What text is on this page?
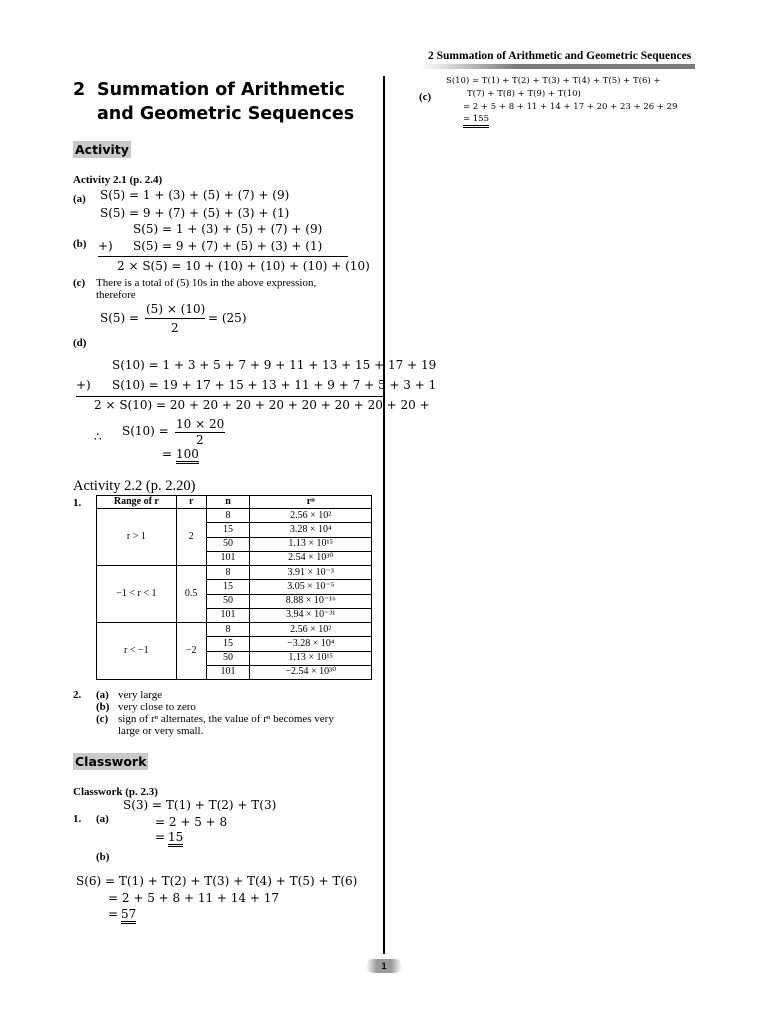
2 Summation of Arithmetic and Geometric Sequences
2 Summation of Arithmetic
and Geometric Sequences
Activity
Activity 2.1 (p. 2.4)
(a) S(5) = 1 + (3) + (5) + (7) + (9)
S(5) = 9 + (7) + (5) + (3) + (1)
(b)
S(5) = 1 + (3) + (5) + (7) + (9)
+) S(5) = 9 + (7) + (5) + (3) + (1)
2 × S(5) = 10 + (10) + (10) + (10) + (10)
(c) There is a total of (5) 10s in the above expression,
therefore
S(5) =
(5) × (10)
2
= (25)
(d)
S(10) = 1 + 3 + 5 + 7 + 9 + 11 + 13 + 15 + 17 + 19
+) S(10) = 19 + 17 + 15 + 13 + 11 + 9 + 7 + 5 + 3 + 1
2 × S(10) = 20 + 20 + 20 + 20 + 20 + 20 + 20 + 20 +
∴ S(10) = 10 × 20
2
= 100
Activity 2.2 (p. 2.20)
1.	Range of r	r	n	rⁿ
r > 1	2	8	2.56 × 10²
		15	3.28 × 10⁴
		50	1.13 × 10¹⁵
		101	2.54 × 10³⁰
−1 < r < 1	0.5	8	3.91 × 10⁻³
		15	3.05 × 10⁻⁵
		50	8.88 × 10⁻¹⁶
		101	3.94 × 10⁻³¹
r < −1	−2	8	2.56 × 10²
		15	−3.28 × 10⁴
		50	1.13 × 10¹⁵
		101	−2.54 × 10³⁰
2. (a) very large
(b) very close to zero
(c) sign of rⁿ alternates, the value of rⁿ becomes very
large or very small.
Classwork
Classwork (p. 2.3)
S(3) = T(1) + T(2) + T(3)
1. (a)	= 2 + 5 + 8
= 15
(b)
S(6) = T(1) + T(2) + T(3) + T(4) + T(5) + T(6)
= 2 + 5 + 8 + 11 + 14 + 17
= 57
(c)
S(10) = T(1) + T(2) + T(3) + T(4) + T(5) + T(6) +
T(7) + T(8) + T(9) + T(10)
= 2 + 5 + 8 + 11 + 14 + 17 + 20 + 23 + 26 + 29
= 155
1
